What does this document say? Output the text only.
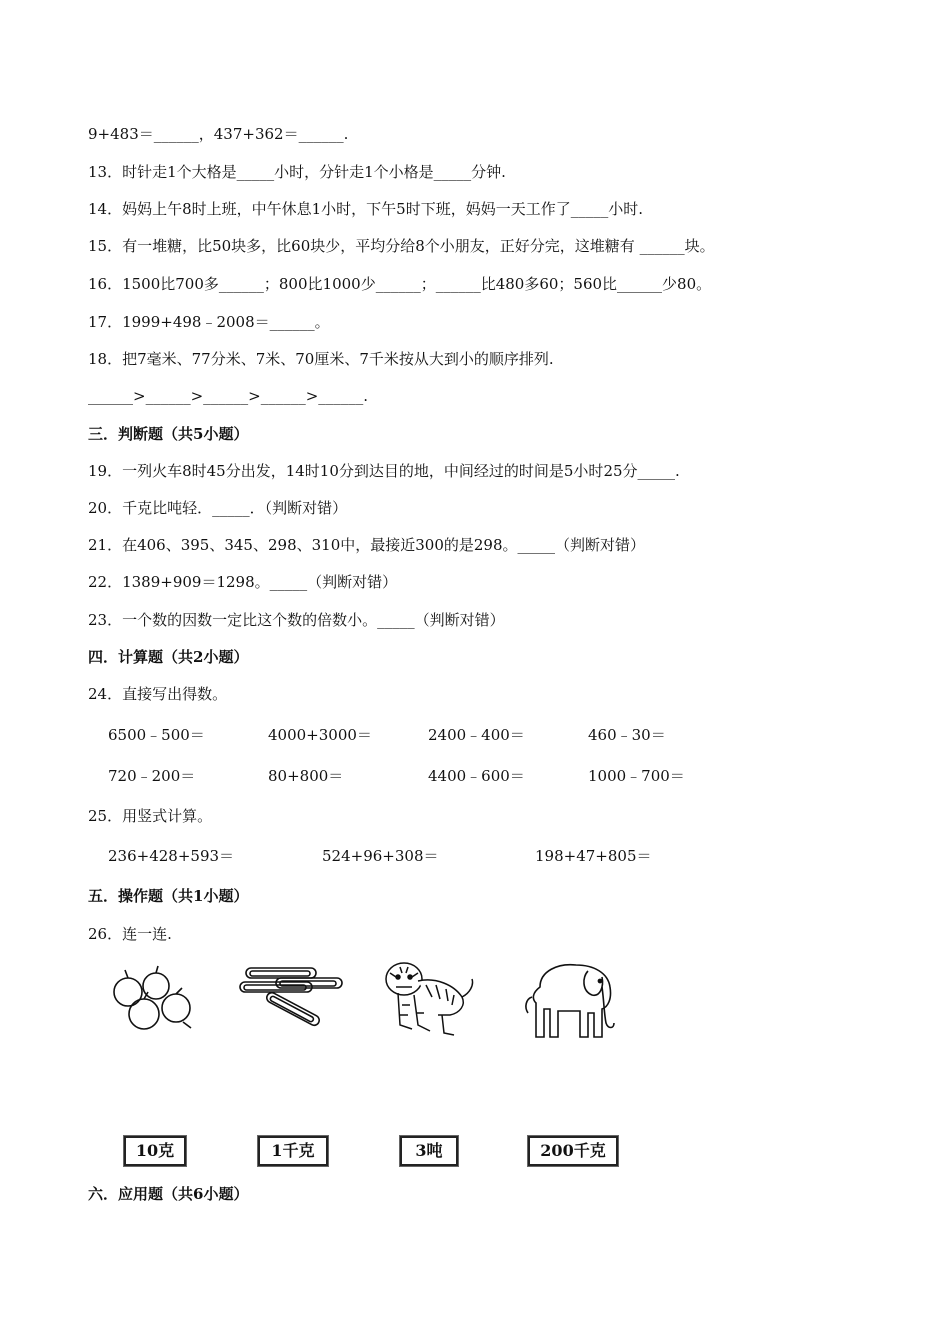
9+483＝______，437+362＝______.
13．时针走1个大格是_____小时，分针走1个小格是_____分钟.
14．妈妈上午8时上班，中午休息1小时，下午5时下班，妈妈一天工作了_____小时.
15．有一堆糖，比50块多，比60块少，平均分给8个小朋友，正好分完，这堆糖有 ______块。
16．1500比700多______；800比1000少______；______比480多60；560比______少80。
17．1999+498﹣2008＝______。
18．把7毫米、77分米、7米、70厘米、7千米按从大到小的顺序排列.
______>______>______>______>______.
三．判断题（共5小题）
19．一列火车8时45分出发，14时10分到达目的地，中间经过的时间是5小时25分_____.
20．千克比吨轻．_____．（判断对错）
21．在406、395、345、298、310中，最接近300的是298。_____（判断对错）
22．1389+909＝1298。_____（判断对错）
23．一个数的因数一定比这个数的倍数小。_____（判断对错）
四．计算题（共2小题）
24．直接写出得数。
6500﹣500＝	4000+3000＝	2400﹣400＝	460﹣30＝
720﹣200＝	80+800＝	4400﹣600＝	1000﹣700＝
25．用竖式计算。
236+428+593＝	524+96+308＝	198+47+805＝
五．操作题（共1小题）
26．连一连.
10克	1千克	3吨	200千克
六．应用题（共6小题）
